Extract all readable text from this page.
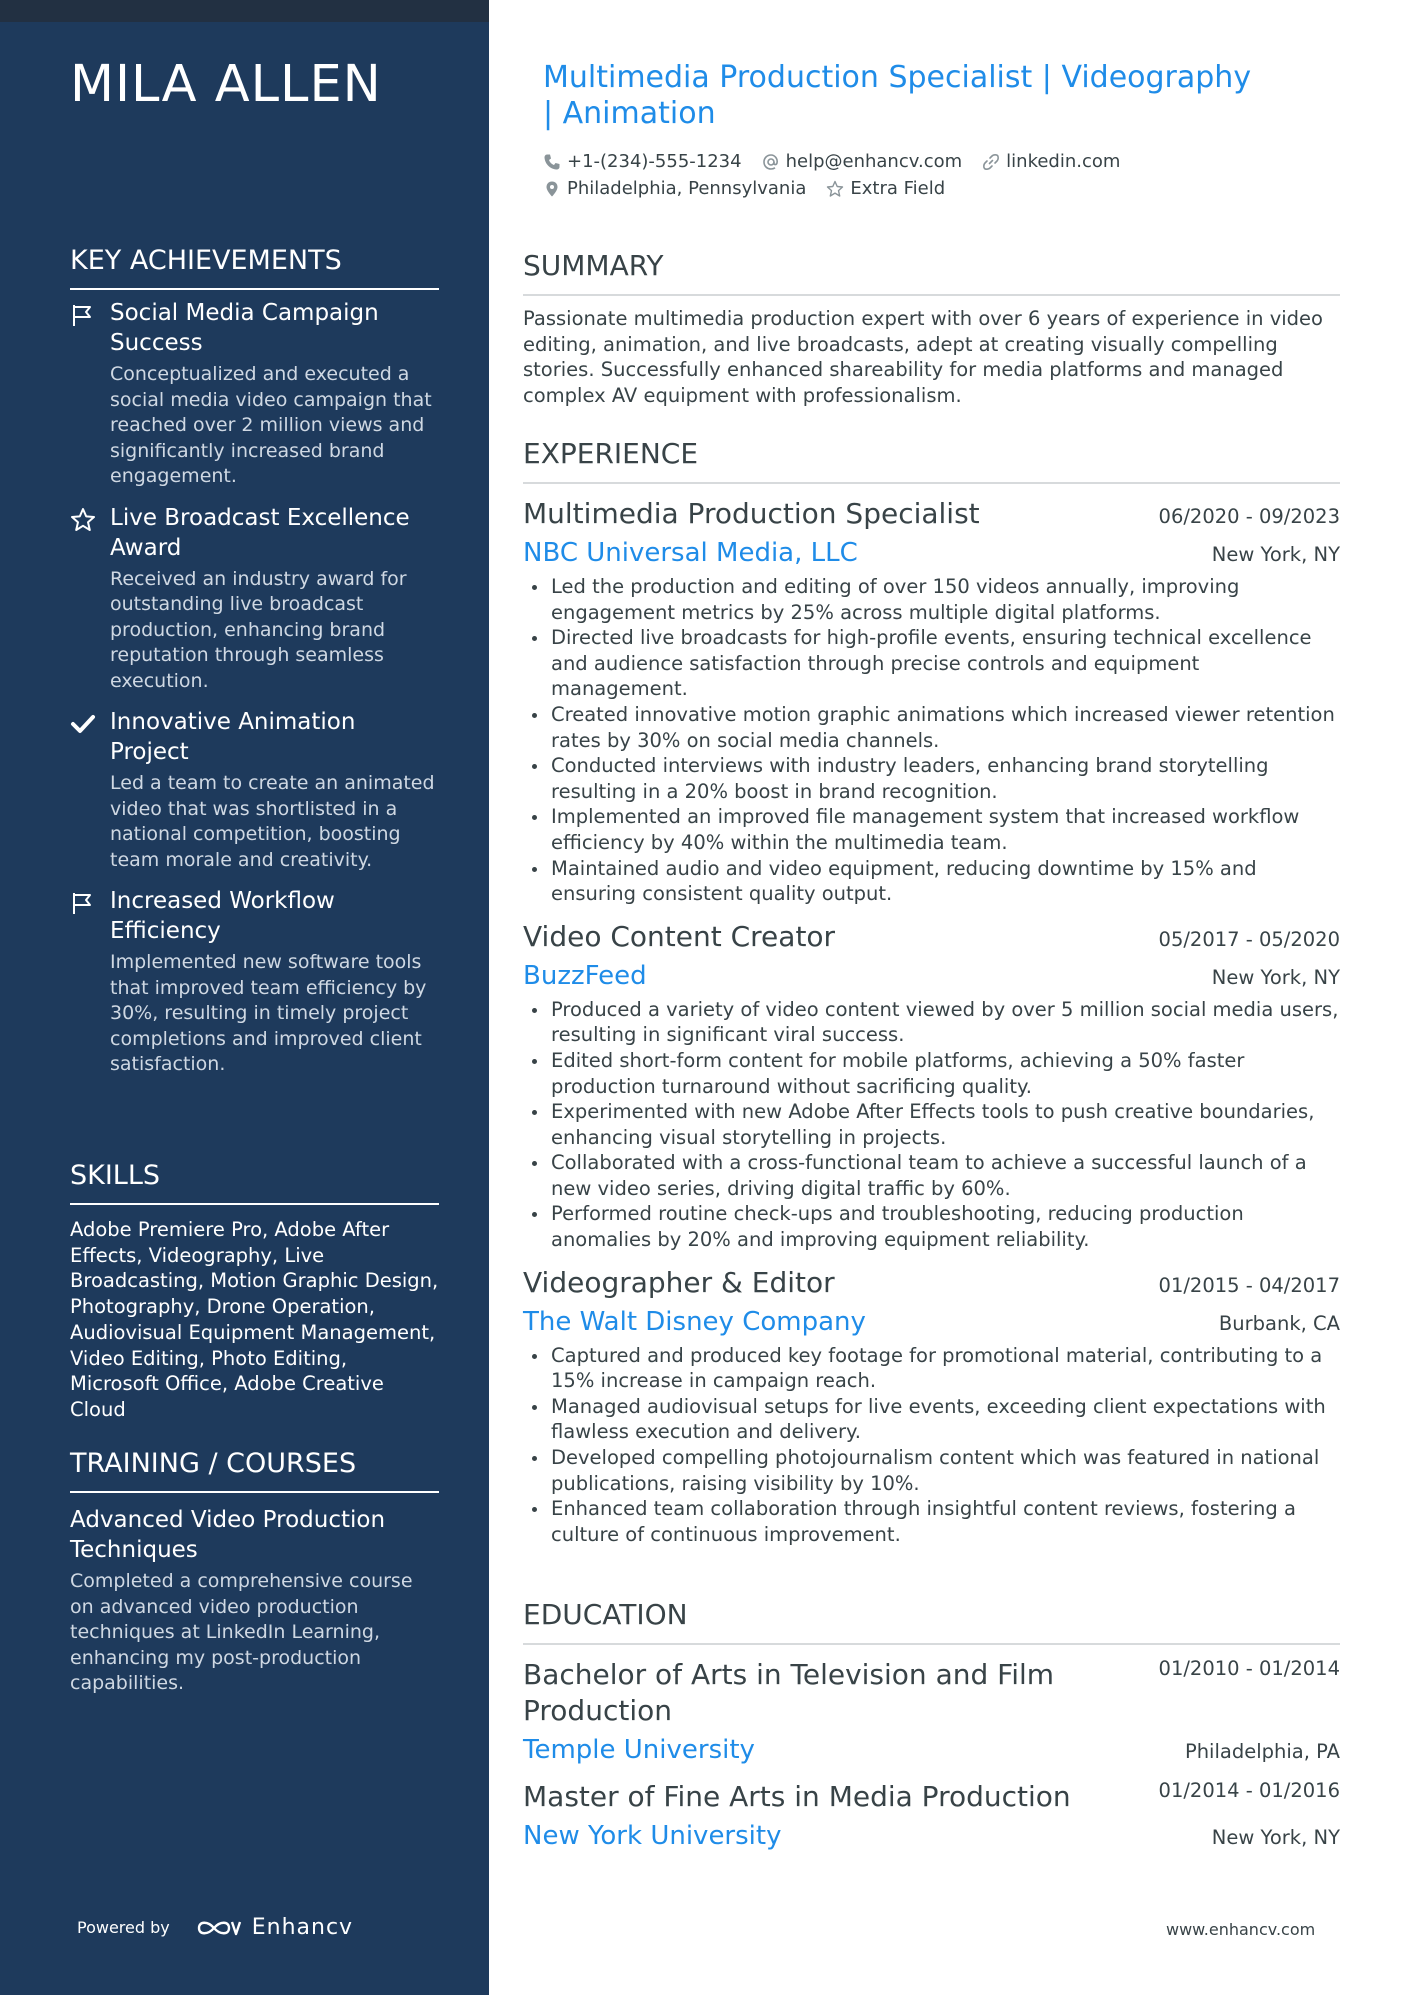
MILA ALLEN
KEY ACHIEVEMENTS
Social Media Campaign Success
Conceptualized and executed a social media video campaign that reached over 2 million views and significantly increased brand engagement.
Live Broadcast Excellence Award
Received an industry award for outstanding live broadcast production, enhancing brand reputation through seamless execution.
Innovative Animation Project
Led a team to create an animated video that was shortlisted in a national competition, boosting team morale and creativity.
Increased Workflow Efficiency
Implemented new software tools that improved team efficiency by 30%, resulting in timely project completions and improved client satisfaction.
SKILLS
Adobe Premiere Pro, Adobe After Effects, Videography, Live Broadcasting, Motion Graphic Design, Photography, Drone Operation, Audiovisual Equipment Management, Video Editing, Photo Editing, Microsoft Office, Adobe Creative Cloud
TRAINING / COURSES
Advanced Video Production Techniques
Completed a comprehensive course on advanced video production techniques at LinkedIn Learning, enhancing my post-production capabilities.
Powered by	Enhancv
Multimedia Production Specialist | Videography | Animation
+1-(234)-555-1234 help@enhancv.com linkedin.com
Philadelphia, Pennsylvania Extra Field
SUMMARY
Passionate multimedia production expert with over 6 years of experience in video editing, animation, and live broadcasts, adept at creating visually compelling stories. Successfully enhanced shareability for media platforms and managed complex AV equipment with professionalism.
EXPERIENCE
Multimedia Production Specialist	06/2020 - 09/2023
NBC Universal Media, LLC	New York, NY
Led the production and editing of over 150 videos annually, improving engagement metrics by 25% across multiple digital platforms.
Directed live broadcasts for high-profile events, ensuring technical excellence and audience satisfaction through precise controls and equipment management.
Created innovative motion graphic animations which increased viewer retention rates by 30% on social media channels.
Conducted interviews with industry leaders, enhancing brand storytelling resulting in a 20% boost in brand recognition.
Implemented an improved file management system that increased workflow efficiency by 40% within the multimedia team.
Maintained audio and video equipment, reducing downtime by 15% and ensuring consistent quality output.
Video Content Creator	05/2017 - 05/2020
BuzzFeed	New York, NY
Produced a variety of video content viewed by over 5 million social media users, resulting in significant viral success.
Edited short-form content for mobile platforms, achieving a 50% faster production turnaround without sacrificing quality.
Experimented with new Adobe After Effects tools to push creative boundaries, enhancing visual storytelling in projects.
Collaborated with a cross-functional team to achieve a successful launch of a new video series, driving digital traffic by 60%.
Performed routine check-ups and troubleshooting, reducing production anomalies by 20% and improving equipment reliability.
Videographer & Editor	01/2015 - 04/2017
The Walt Disney Company	Burbank, CA
Captured and produced key footage for promotional material, contributing to a 15% increase in campaign reach.
Managed audiovisual setups for live events, exceeding client expectations with flawless execution and delivery.
Developed compelling photojournalism content which was featured in national publications, raising visibility by 10%.
Enhanced team collaboration through insightful content reviews, fostering a culture of continuous improvement.
EDUCATION
Bachelor of Arts in Television and Film Production
01/2010 - 01/2014
Temple University	Philadelphia, PA
Master of Fine Arts in Media Production	01/2014 - 01/2016
New York University	New York, NY
www.enhancv.com
